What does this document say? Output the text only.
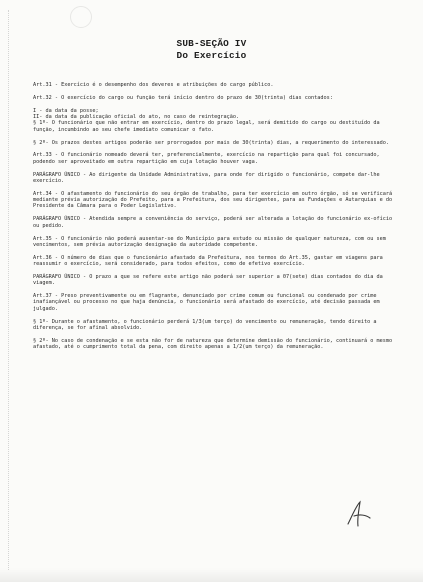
SUB-SEÇÃO IV
Do Exercício

Art.31 - Exercício é o desempenho dos deveres e atribuições do cargo público.

Art.32 - O exercício do cargo ou função terá início dentro do prazo de 30(trinta) dias contados:

I - da data da posse;

II- da data da publicação oficial do ato, no caso de reintegração.

§ 1º- O funcionário que não entrar em exercício, dentro do prazo legal, será demitido do cargo ou destituído da função, incumbindo ao seu chefe imediato comunicar o fato.

§ 2º- Os prazos destes artigos poderão ser prorrogados por mais de 30(trinta) dias, a requerimento do interessado.

Art.33 - O funcionário nomeado deverá ter, preferencialmente, exercício na repartição para qual foi concursado, podendo ser aproveitado em outra repartição em cuja lotação houver vaga.

PARÁGRAFO ÚNICO - Ao dirigente da Unidade Administrativa, para onde for dirigido o funcionário, compete dar-lhe exercício.

Art.34 - O afastamento do funcionário do seu órgão de trabalho, para ter exercício em outro órgão, só se verificará mediante prévia autorização do Prefeito, para a Prefeitura, dos seu dirigentes, para as Fundações e Autarquias e do Presidente da Câmara para o Poder Legislativo.

PARÁGRAFO ÚNICO - Atendida sempre a conveniência do serviço, poderá ser alterada a lotação do funcionário ex-ofício ou pedido.

Art.35 - O funcionário não poderá ausentar-se do Município para estudo ou missão de qualquer natureza, com ou sem vencimentos, sem prévia autorização designação da autoridade competente.

Art.36 - O número de dias que o funcionário afastado da Prefeitura, nos termos do Art.35, gastar em viagens para reassumir o exercício, será considerado, para todos efeitos, como de efetivo exercício.

PARÁGRAFO ÚNICO - O prazo a que se refere este artigo não poderá ser superior a 07(sete) dias contados do dia da viagem.

Art.37 - Preso preventivamente ou em flagrante, denunciado por crime comum ou funcional ou condenado por crime inafiançável ou processo no que haja denúncia, o funcionário será afastado do exercício, até decisão passada em julgado.

§ 1º- Durante o afastamento, o funcionário perderá 1/3(um terço) do vencimento ou remuneração, tendo direito a diferença, se for afinal absolvido.

§ 2º- No caso de condenação e se esta não for de natureza que determine demissão do funcionário, continuará o mesmo afastado, até o cumprimento total da pena, com direito apenas a 1/2(um terço) da remuneração.
